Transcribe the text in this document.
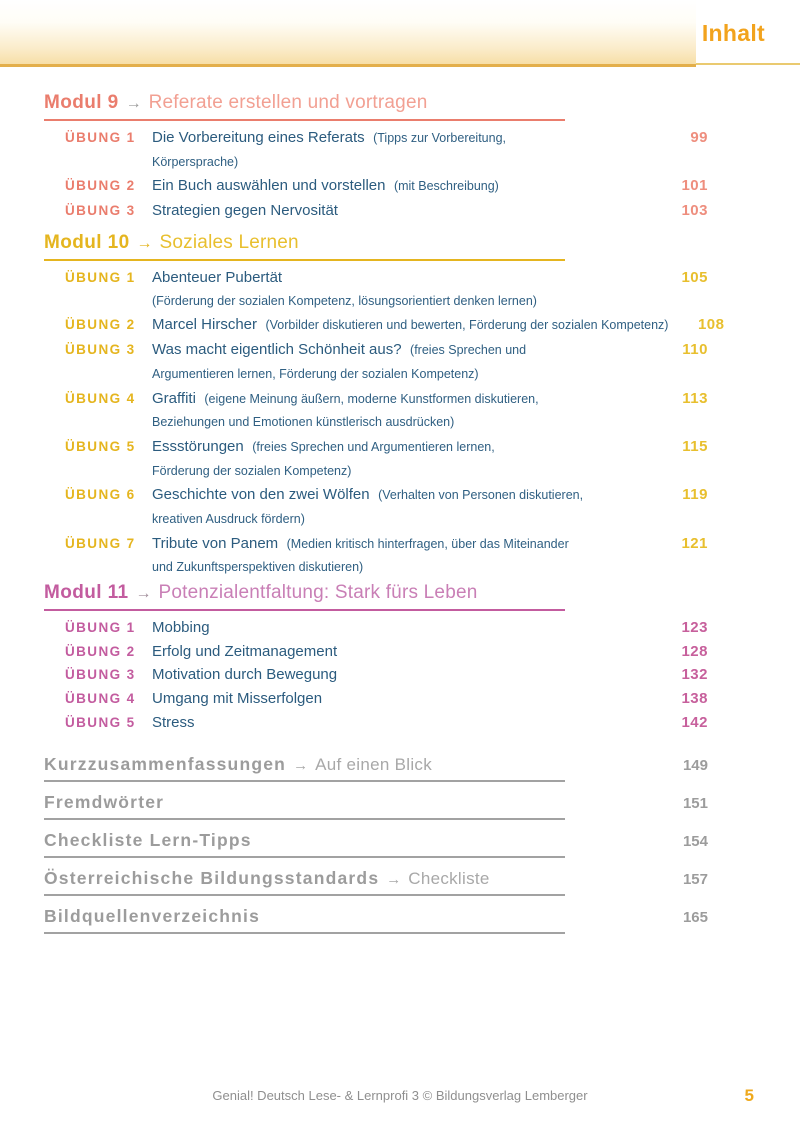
Inhalt
Modul 9 → Referate erstellen und vortragen
ÜBUNG 1	Die Vorbereitung eines Referats (Tipps zur Vorbereitung,	99
Körpersprache)
ÜBUNG 2	Ein Buch auswählen und vorstellen (mit Beschreibung)	101
ÜBUNG 3	Strategien gegen Nervosität	103
Modul 10 → Soziales Lernen
ÜBUNG 1	Abenteuer Pubertät	105
(Förderung der sozialen Kompetenz, lösungsorientiert denken lernen)
ÜBUNG 2	Marcel Hirscher (Vorbilder diskutieren und bewerten, Förderung der sozialen Kompetenz)	108
ÜBUNG 3	Was macht eigentlich Schönheit aus? (freies Sprechen und	110
Argumentieren lernen, Förderung der sozialen Kompetenz)
ÜBUNG 4	Graffiti (eigene Meinung äußern, moderne Kunstformen diskutieren,	113
Beziehungen und Emotionen künstlerisch ausdrücken)
ÜBUNG 5	Essstörungen (freies Sprechen und Argumentieren lernen,	115
Förderung der sozialen Kompetenz)
ÜBUNG 6	Geschichte von den zwei Wölfen (Verhalten von Personen diskutieren,	119
kreativen Ausdruck fördern)
ÜBUNG 7	Tribute von Panem (Medien kritisch hinterfragen, über das Miteinander	121
und Zukunftsperspektiven diskutieren)
Modul 11 → Potenzialentfaltung: Stark fürs Leben
ÜBUNG 1	Mobbing	123
ÜBUNG 2	Erfolg und Zeitmanagement	128
ÜBUNG 3	Motivation durch Bewegung	132
ÜBUNG 4	Umgang mit Misserfolgen	138
ÜBUNG 5	Stress	142
Kurzzusammenfassungen → Auf einen Blick	149
Fremdwörter	151
Checkliste Lern-Tipps	154
Österreichische Bildungsstandards → Checkliste	157
Bildquellenverzeichnis	165
Genial! Deutsch Lese- & Lernprofi 3 © Bildungsverlag Lemberger	5
